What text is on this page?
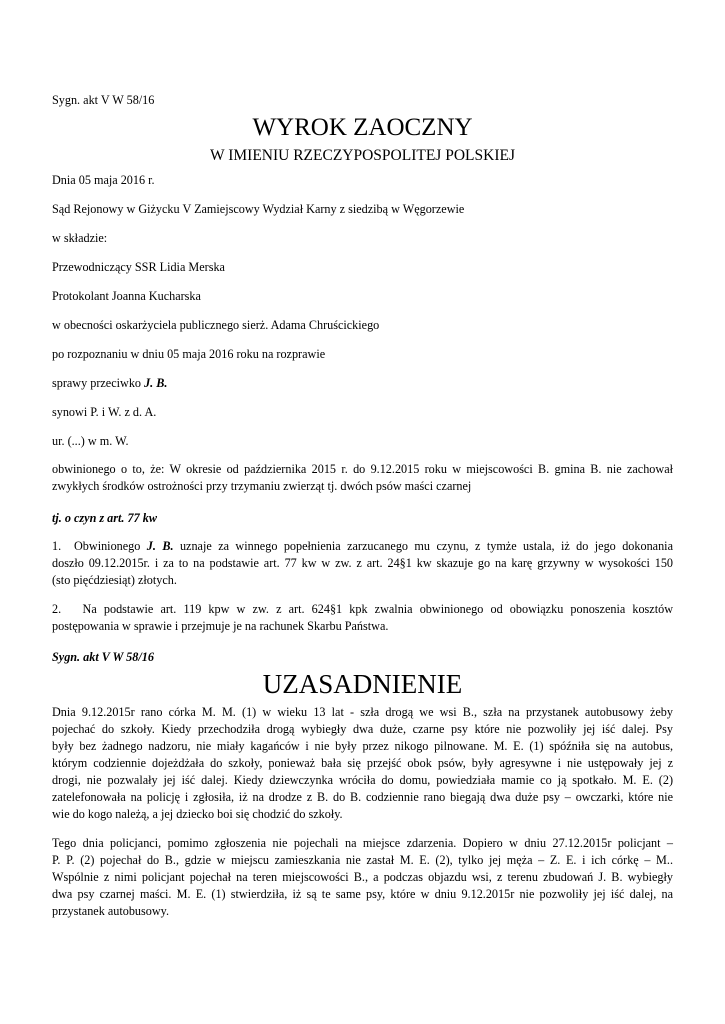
Sygn. akt V W 58/16
WYROK ZAOCZNY
W IMIENIU RZECZYPOSPOLITEJ POLSKIEJ
Dnia 05 maja 2016 r.
Sąd Rejonowy w Giżycku V Zamiejscowy Wydział Karny z siedzibą w Węgorzewie
w składzie:
Przewodniczący SSR Lidia Merska
Protokolant Joanna Kucharska
w obecności oskarżyciela publicznego sierż. Adama Chruścickiego
po rozpoznaniu w dniu 05 maja 2016 roku na rozprawie
sprawy przeciwko J. B.
synowi P. i W. z d. A.
ur. (...) w m. W.

obwinionego o to, że: W okresie od października 2015 r. do 9.12.2015 roku w miejscowości B. gmina B. nie zachował

zwykłych środków ostrożności przy trzymaniu zwierząt tj. dwóch psów maści czarnej

tj. o czyn z art. 77 kw

1. Obwinionego J. B. uznaje za winnego popełnienia zarzucanego mu czynu, z tymże ustala, iż do jego dokonania

doszło 09.12.2015r. i za to na podstawie art. 77 kw w zw. z art. 24§1 kw skazuje go na karę grzywny w wysokości 150

(sto pięćdziesiąt) złotych.

2. Na podstawie art. 119 kpw w zw. z art. 624§1 kpk zwalnia obwinionego od obowiązku ponoszenia kosztów

postępowania w sprawie i przejmuje je na rachunek Skarbu Państwa.

Sygn. akt V W 58/16
UZASADNIENIE

Dnia 9.12.2015r rano córka M. M. (1) w wieku 13 lat - szła drogą we wsi B., szła na przystanek autobusowy żeby

pojechać do szkoły. Kiedy przechodziła drogą wybiegły dwa duże, czarne psy które nie pozwoliły jej iść dalej. Psy

były bez żadnego nadzoru, nie miały kagańców i nie były przez nikogo pilnowane. M. E. (1) spóźniła się na autobus,

którym codziennie dojeżdżała do szkoły, ponieważ bała się przejść obok psów, były agresywne i nie ustępowały jej z

drogi, nie pozwalały jej iść dalej. Kiedy dziewczynka wróciła do domu, powiedziała mamie co ją spotkało. M. E. (2)

zatelefonowała na policję i zgłosiła, iż na drodze z B. do B. codziennie rano biegają dwa duże psy – owczarki, które nie

wie do kogo należą, a jej dziecko boi się chodzić do szkoły.

Tego dnia policjanci, pomimo zgłoszenia nie pojechali na miejsce zdarzenia. Dopiero w dniu 27.12.2015r policjant –

P. P. (2) pojechał do B., gdzie w miejscu zamieszkania nie zastał M. E. (2), tylko jej męża – Z. E. i ich córkę – M..

Wspólnie z nimi policjant pojechał na teren miejscowości B., a podczas objazdu wsi, z terenu zbudowań J. B. wybiegły

dwa psy czarnej maści. M. E. (1) stwierdziła, iż są te same psy, które w dniu 9.12.2015r nie pozwoliły jej iść dalej, na

przystanek autobusowy.
